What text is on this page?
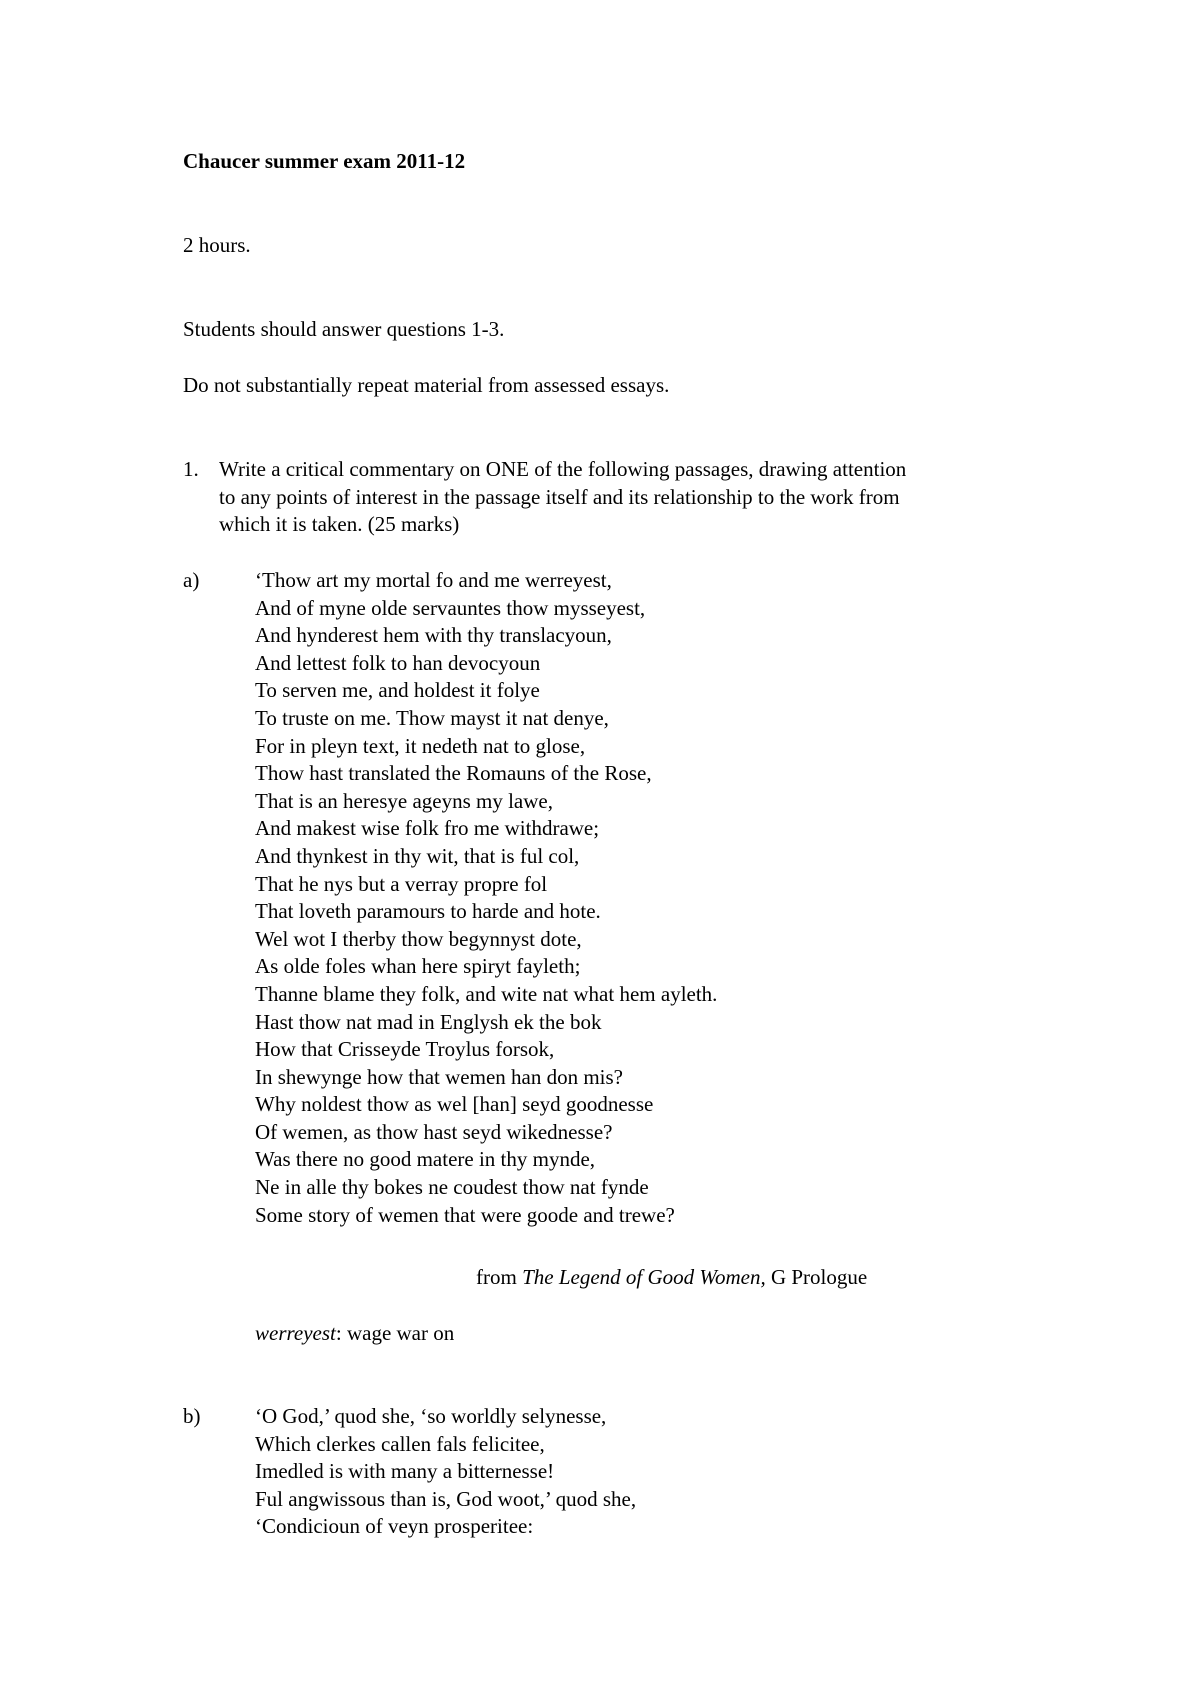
Chaucer summer exam 2011-12
2 hours.
Students should answer questions 1-3.
Do not substantially repeat material from assessed essays.
1. Write a critical commentary on ONE of the following passages, drawing attention
to any points of interest in the passage itself and its relationship to the work from
which it is taken. (25 marks)
a)	‘Thow art my mortal fo and me werreyest,
And of myne olde servauntes thow mysseyest,
And hynderest hem with thy translacyoun,
And lettest folk to han devocyoun
To serven me, and holdest it folye
To truste on me. Thow mayst it nat denye,
For in pleyn text, it nedeth nat to glose,
Thow hast translated the Romauns of the Rose,
That is an heresye ageyns my lawe,
And makest wise folk fro me withdrawe;
And thynkest in thy wit, that is ful col,
That he nys but a verray propre fol
That loveth paramours to harde and hote.
Wel wot I therby thow begynnyst dote,
As olde foles whan here spiryt fayleth;
Thanne blame they folk, and wite nat what hem ayleth.
Hast thow nat mad in Englysh ek the bok
How that Crisseyde Troylus forsok,
In shewynge how that wemen han don mis?
Why noldest thow as wel [han] seyd goodnesse
Of wemen, as thow hast seyd wikednesse?
Was there no good matere in thy mynde,
Ne in alle thy bokes ne coudest thow nat fynde
Some story of wemen that were goode and trewe?
from The Legend of Good Women, G Prologue
werreyest: wage war on
b)	‘O God,’ quod she, ‘so worldly selynesse,
Which clerkes callen fals felicitee,
Imedled is with many a bitternesse!
Ful angwissous than is, God woot,’ quod she,
‘Condicioun of veyn prosperitee:
